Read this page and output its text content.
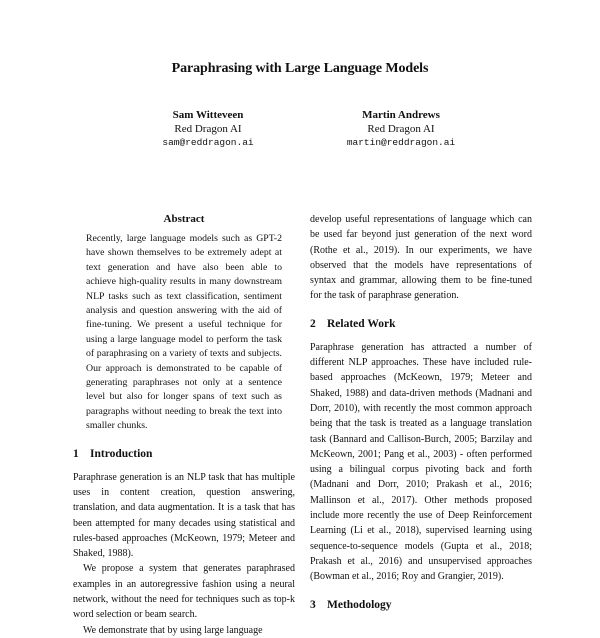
Paraphrasing with Large Language Models
Sam Witteveen
Red Dragon AI
sam@reddragon.ai
Martin Andrews
Red Dragon AI
martin@reddragon.ai
Abstract

Recently, large language models such as GPT-2 have shown themselves to be extremely adept at text generation and have also been able to achieve high-quality results in many downstream NLP tasks such as text classification, sentiment analysis and question answering with the aid of fine-tuning. We present a useful technique for using a large language model to perform the task of paraphrasing on a variety of texts and subjects. Our approach is demonstrated to be capable of generating paraphrases not only at a sentence level but also for longer spans of text such as paragraphs without needing to break the text into smaller chunks.

1 Introduction

Paraphrase generation is an NLP task that has multiple uses in content creation, question answering, translation, and data augmentation. It is a task that has been attempted for many decades using statistical and rules-based approaches (McKeown, 1979; Meteer and Shaked, 1988).

We propose a system that generates paraphrased examples in an autoregressive fashion using a neural network, without the need for techniques such as top-k word selection or beam search.

We demonstrate that by using large language

develop useful representations of language which can be used far beyond just generation of the next word (Rothe et al., 2019). In our experiments, we have observed that the models have representations of syntax and grammar, allowing them to be fine-tuned for the task of paraphrase generation.

2 Related Work

Paraphrase generation has attracted a number of different NLP approaches. These have included rule-based approaches (McKeown, 1979; Meteer and Shaked, 1988) and data-driven methods (Madnani and Dorr, 2010), with recently the most common approach being that the task is treated as a language translation task (Bannard and Callison-Burch, 2005; Barzilay and McKeown, 2001; Pang et al., 2003) - often performed using a bilingual corpus pivoting back and forth (Madnani and Dorr, 2010; Prakash et al., 2016; Mallinson et al., 2017). Other methods proposed include more recently the use of Deep Reinforcement Learning (Li et al., 2018), supervised learning using sequence-to-sequence models (Gupta et al., 2018; Prakash et al., 2016) and unsupervised approaches (Bowman et al., 2016; Roy and Grangier, 2019).

3 Methodology
